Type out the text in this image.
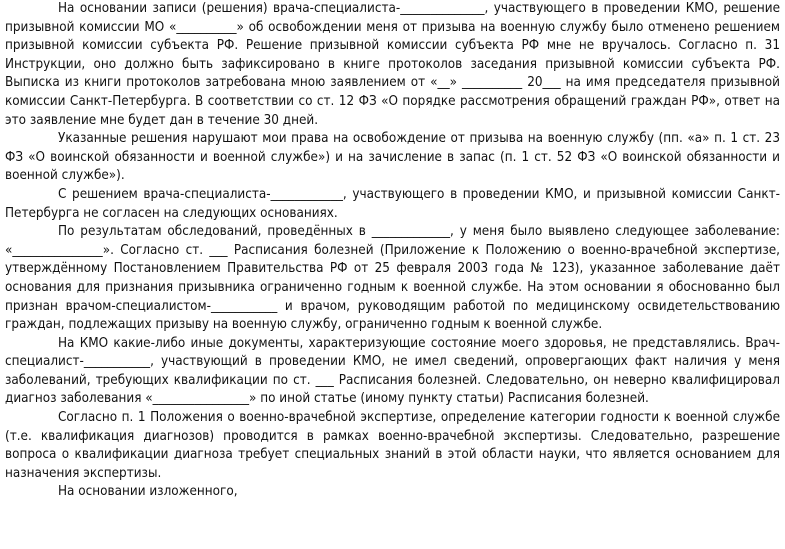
На основании записи (решения) врача-специалиста-______________, участвующего в проведении КМО, решение призывной комиссии МО «__________» об освобождении меня от призыва на военную службу было отменено решением призывной комиссии субъекта РФ. Решение призывной комиссии субъекта РФ мне не вручалось. Согласно п. 31 Инструкции, оно должно быть зафиксировано в книге протоколов заседания призывной комиссии субъекта РФ. Выписка из книги протоколов затребована мною заявлением от «__» __________ 20___ на имя председателя призывной комиссии Санкт-Петербурга. В соответствии со ст. 12 ФЗ «О порядке рассмотрения обращений граждан РФ», ответ на это заявление мне будет дан в течение 30 дней.

Указанные решения нарушают мои права на освобождение от призыва на военную службу (пп. «а» п. 1 ст. 23 ФЗ «О воинской обязанности и военной службе») и на зачисление в запас (п. 1 ст. 52 ФЗ «О воинской обязанности и военной службе»).

С решением врача-специалиста-____________, участвующего в проведении КМО, и призывной комиссии Санкт-Петербурга не согласен на следующих основаниях.

По результатам обследований, проведённых в _____________, у меня было выявлено следующее заболевание: «_______________». Согласно ст. ___ Расписания болезней (Приложение к Положению о военно-врачебной экспертизе, утверждённому Постановлением Правительства РФ от 25 февраля 2003 года № 123), указанное заболевание даёт основания для признания призывника ограниченно годным к военной службе. На этом основании я обоснованно был признан врачом-специалистом-___________ и врачом, руководящим работой по медицинскому освидетельствованию граждан, подлежащих призыву на военную службу, ограниченно годным к военной службе.

На КМО какие-либо иные документы, характеризующие состояние моего здоровья, не представлялись. Врач-специалист-___________, участвующий в проведении КМО, не имел сведений, опровергающих факт наличия у меня заболеваний, требующих квалификации по ст. ___ Расписания болезней. Следовательно, он неверно квалифицировал диагноз заболевания «________________» по иной статье (иному пункту статьи) Расписания болезней.

Согласно п. 1 Положения о военно-врачебной экспертизе, определение категории годности к военной службе (т.е. квалификация диагнозов) проводится в рамках военно-врачебной экспертизы. Следовательно, разрешение вопроса о квалификации диагноза требует специальных знаний в этой области науки, что является основанием для назначения экспертизы.

На основании изложенного,
